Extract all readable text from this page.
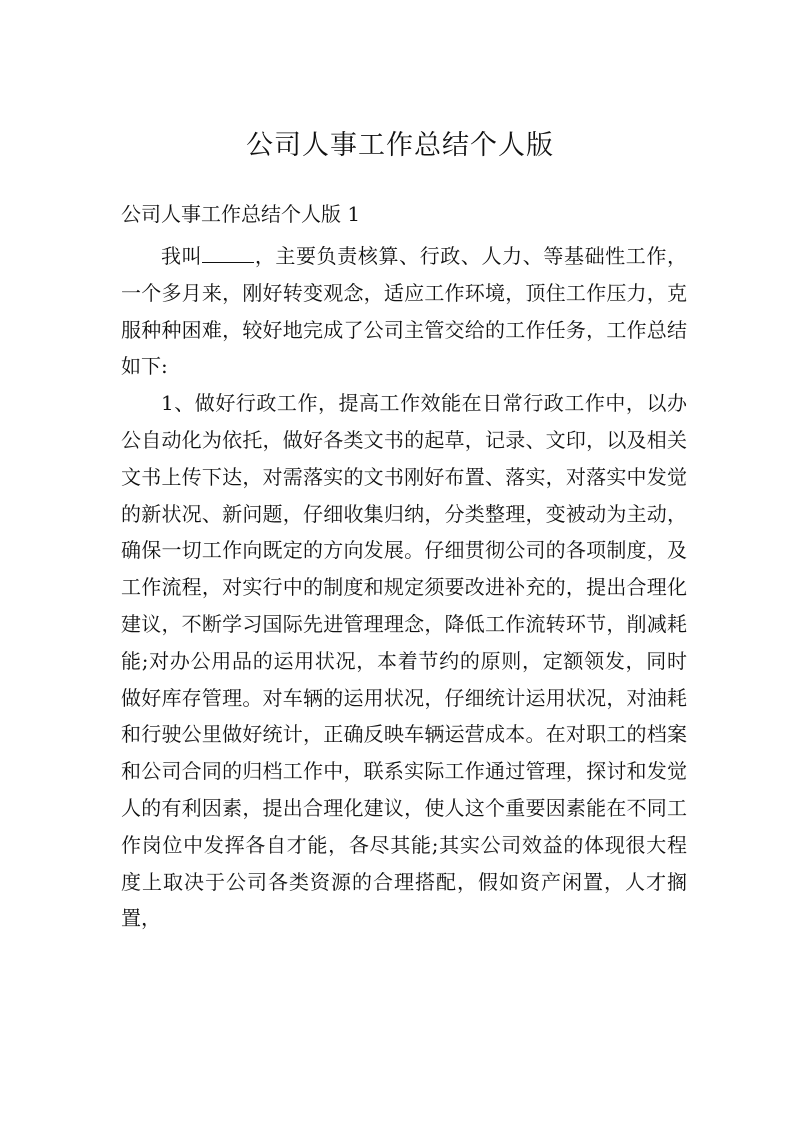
公司人事工作总结个人版

公司人事工作总结个人版 1

我叫	，主要负责核算、行政、人力、等基础性工作，一个多月来，刚好转变观念，适应工作环境，顶住工作压力，克服种种困难，较好地完成了公司主管交给的工作任务，工作总结如下:

1、做好行政工作，提高工作效能在日常行政工作中，以办公自动化为依托，做好各类文书的起草，记录、文印，以及相关文书上传下达，对需落实的文书刚好布置、落实，对落实中发觉的新状况、新问题，仔细收集归纳，分类整理，变被动为主动，确保一切工作向既定的方向发展。仔细贯彻公司的各项制度，及工作流程，对实行中的制度和规定须要改进补充的，提出合理化建议，不断学习国际先进管理理念，降低工作流转环节，削减耗能;对办公用品的运用状况，本着节约的原则，定额领发，同时做好库存管理。对车辆的运用状况，仔细统计运用状况，对油耗和行驶公里做好统计，正确反映车辆运营成本。在对职工的档案和公司合同的归档工作中，联系实际工作通过管理，探讨和发觉人的有利因素，提出合理化建议，使人这个重要因素能在不同工作岗位中发挥各自才能，各尽其能;其实公司效益的体现很大程度上取决于公司各类资源的合理搭配，假如资产闲置，人才搁置，
